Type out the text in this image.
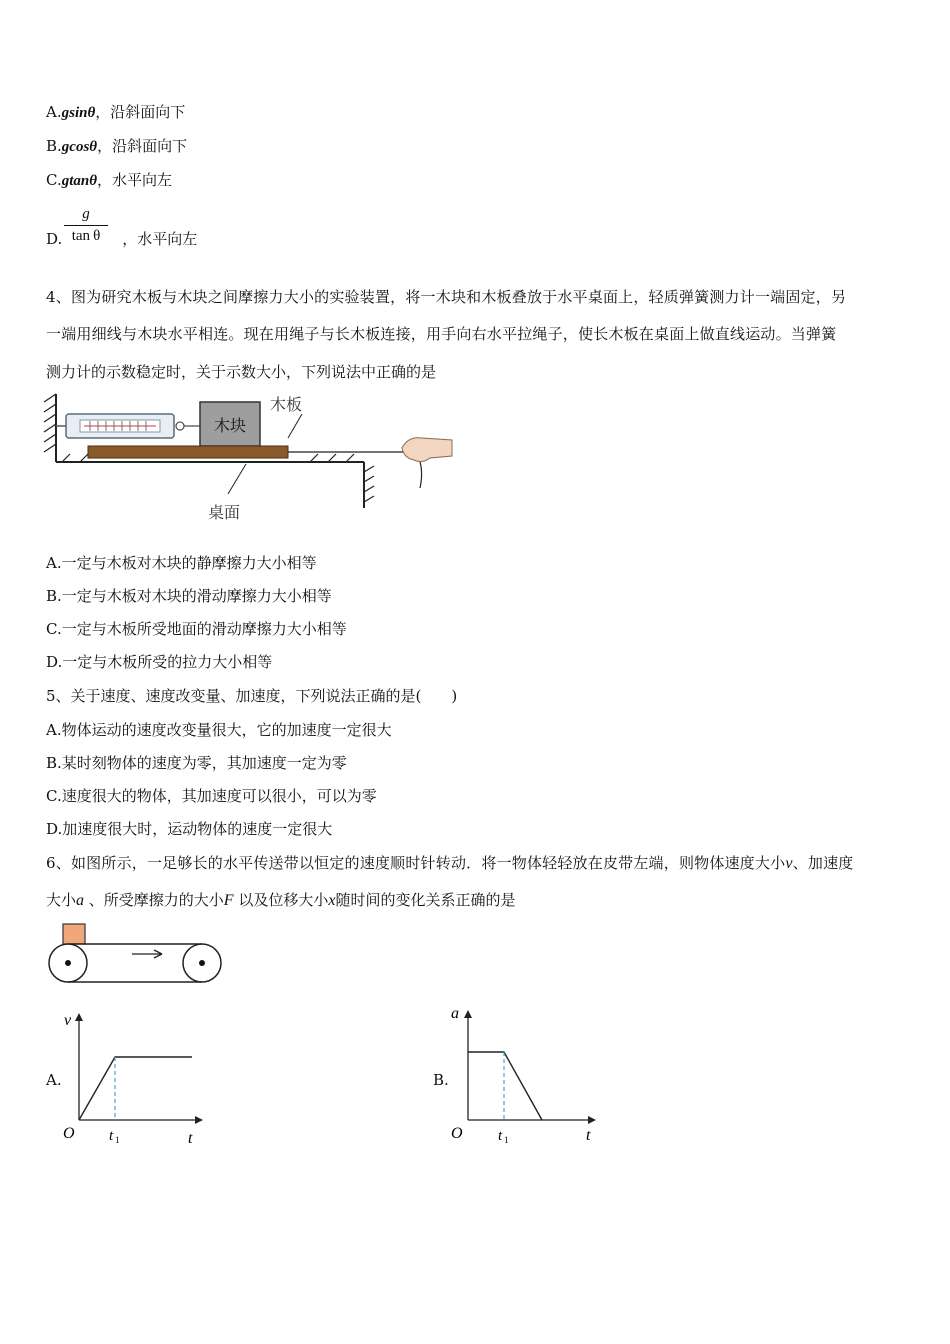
A.gsinθ，沿斜面向下
B.gcosθ，沿斜面向下
C.gtanθ，水平向左
g
tan θ
D.	，水平向左
4、图为研究木板与木块之间摩擦力大小的实验装置，将一木块和木板叠放于水平桌面上，轻质弹簧测力计一端固定，另
一端用细线与木块水平相连。现在用绳子与长木板连接，用手向右水平拉绳子，使长木板在桌面上做直线运动。当弹簧
测力计的示数稳定时，关于示数大小，下列说法中正确的是
木块
木板
桌面
A.一定与木板对木块的静摩擦力大小相等
B.一定与木板对木块的滑动摩擦力大小相等
C.一定与木板所受地面的滑动摩擦力大小相等
D.一定与木板所受的拉力大小相等
5、关于速度、速度改变量、加速度，下列说法正确的是(　　)
A.物体运动的速度改变量很大，它的加速度一定很大
B.某时刻物体的速度为零，其加速度一定为零
C.速度很大的物体，其加速度可以很小，可以为零
D.加速度很大时，运动物体的速度一定很大
6、如图所示，一足够长的水平传送带以恒定的速度顺时针转动．将一物体轻轻放在皮带左端，则物体速度大小v、加速度
大小a 、所受摩擦力的大小F 以及位移大小x随时间的变化关系正确的是
A.
v
t
O t 1
B.
a
t
O t 1
